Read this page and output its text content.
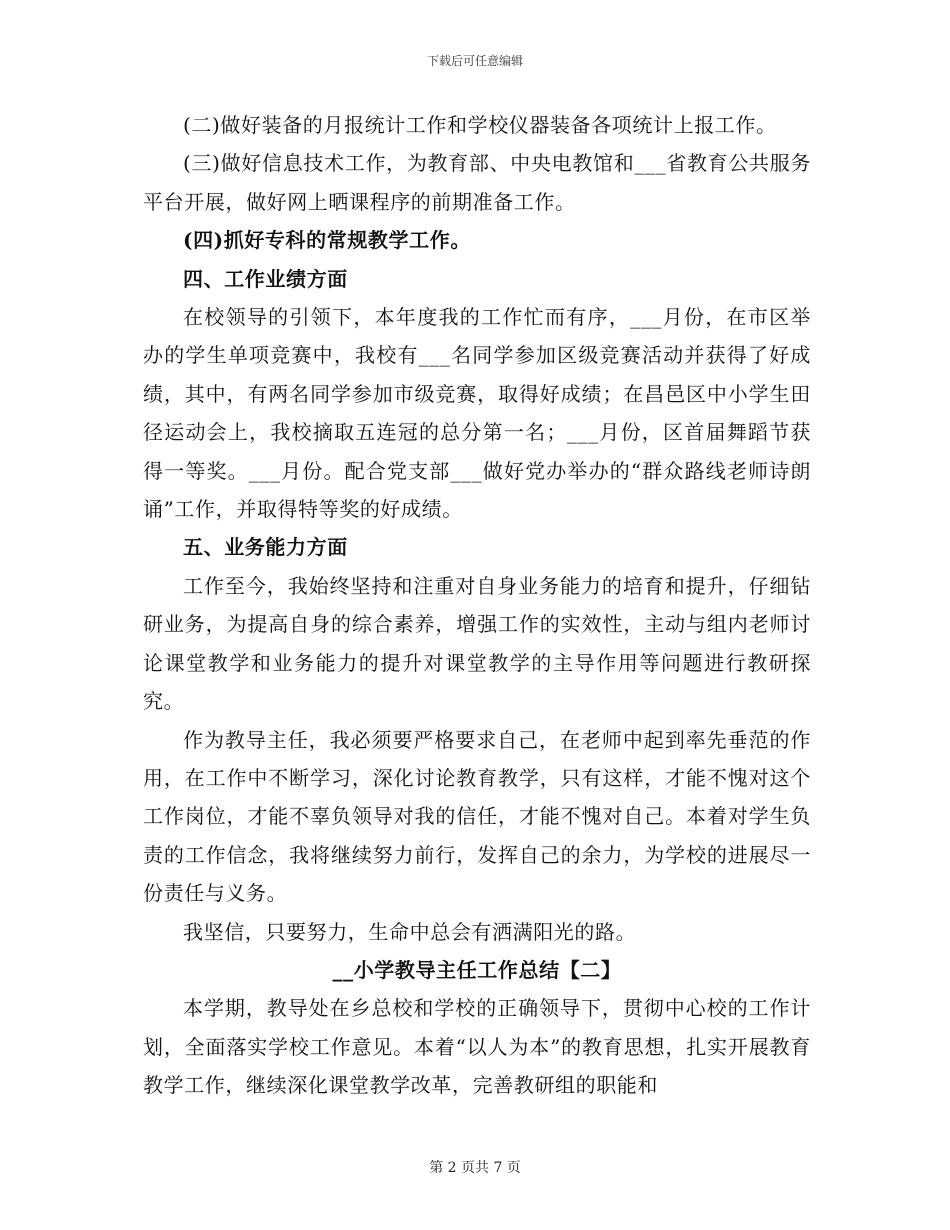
下载后可任意编辑

(二)做好装备的月报统计工作和学校仪器装备各项统计上报工作。

(三)做好信息技术工作，为教育部、中央电教馆和___省教育公共服务平台开展，做好网上晒课程序的前期准备工作。

(四)抓好专科的常规教学工作。

四、工作业绩方面

在校领导的引领下，本年度我的工作忙而有序，___月份，在市区举办的学生单项竞赛中，我校有___名同学参加区级竞赛活动并获得了好成绩，其中，有两名同学参加市级竞赛，取得好成绩；在昌邑区中小学生田径运动会上，我校摘取五连冠的总分第一名；___月份，区首届舞蹈节获得一等奖。___月份。配合党支部___做好党办举办的“群众路线老师诗朗诵”工作，并取得特等奖的好成绩。

五、业务能力方面

工作至今，我始终坚持和注重对自身业务能力的培育和提升，仔细钻研业务，为提高自身的综合素养，增强工作的实效性，主动与组内老师讨论课堂教学和业务能力的提升对课堂教学的主导作用等问题进行教研探究。

作为教导主任，我必须要严格要求自己，在老师中起到率先垂范的作用，在工作中不断学习，深化讨论教育教学，只有这样，才能不愧对这个工作岗位，才能不辜负领导对我的信任，才能不愧对自己。本着对学生负责的工作信念，我将继续努力前行，发挥自己的余力，为学校的进展尽一份责任与义务。

我坚信，只要努力，生命中总会有洒满阳光的路。

__小学教导主任工作总结【二】

本学期，教导处在乡总校和学校的正确领导下，贯彻中心校的工作计划，全面落实学校工作意见。本着“以人为本”的教育思想，扎实开展教育教学工作，继续深化课堂教学改革，完善教研组的职能和

第 2 页共 7 页
